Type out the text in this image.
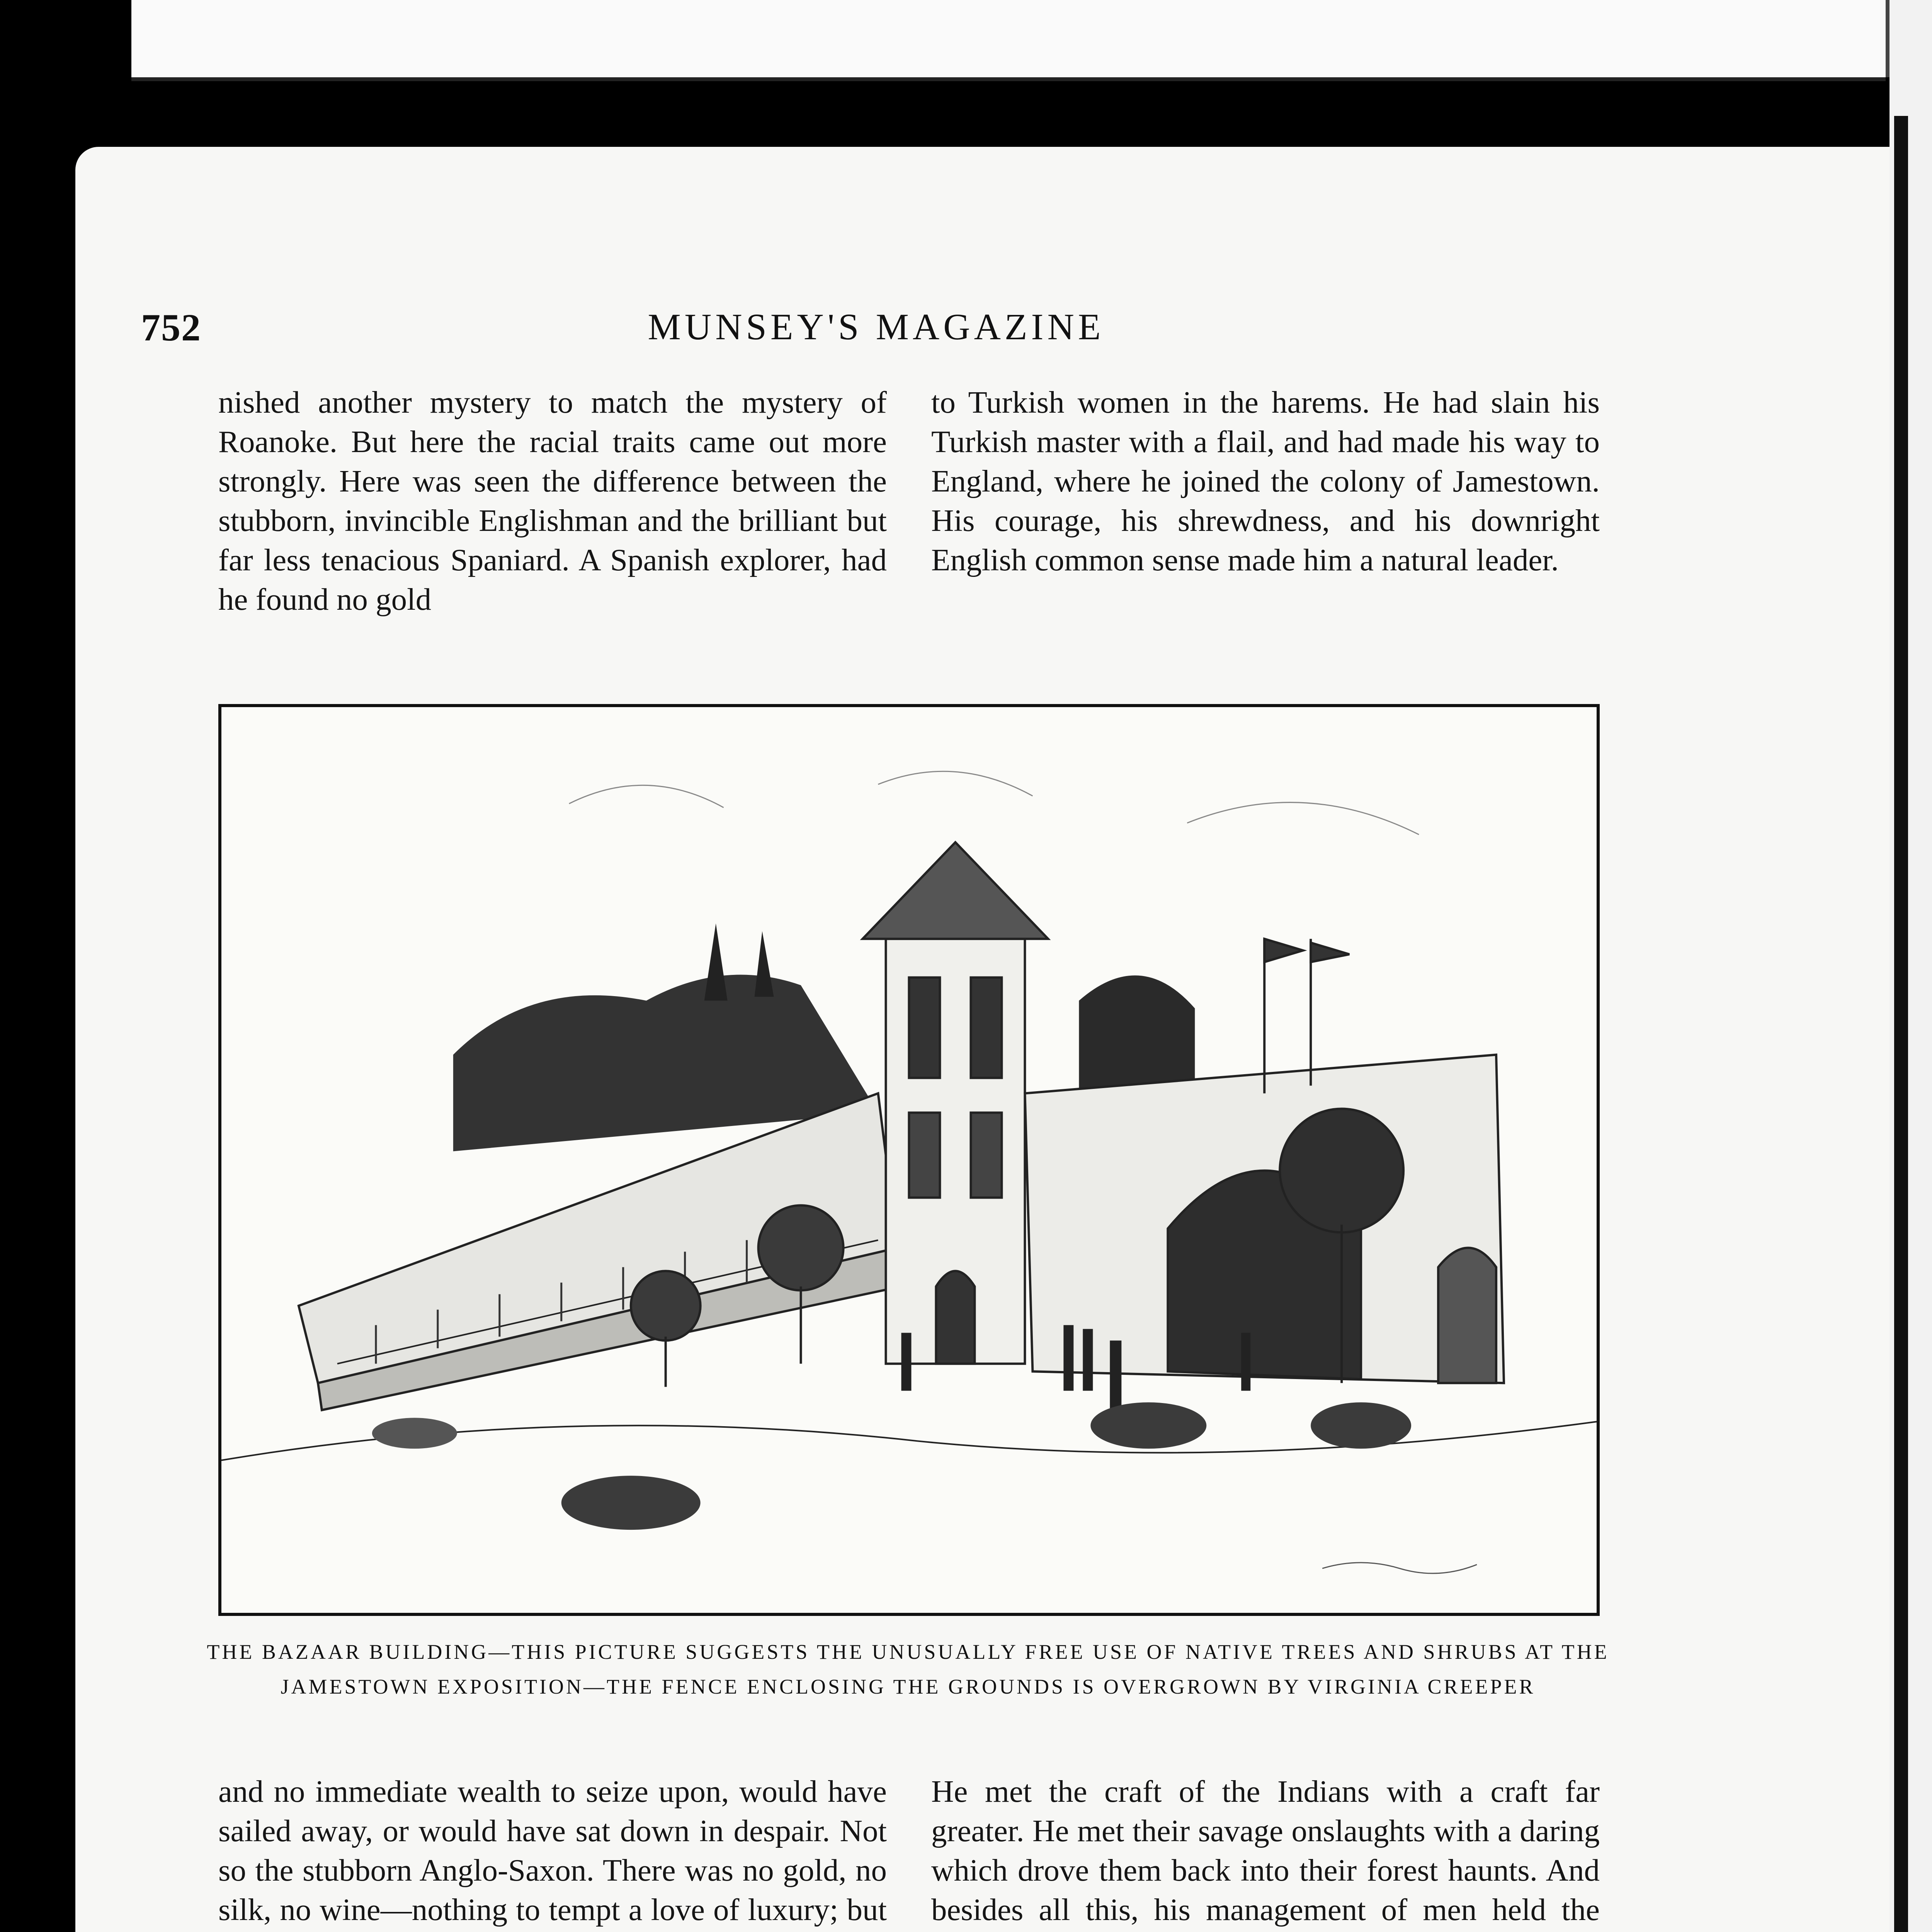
MUNSEY'S MAGAZINE
752

nished another mystery to match the mystery of Roanoke. But here the racial traits came out more strongly. Here was seen the difference between the stubborn, invincible Englishman and the brilliant but far less tenacious Spaniard. A Spanish explorer, had he found no gold

to Turkish women in the harems. He had slain his Turkish master with a flail, and had made his way to England, where he joined the colony of Jamestown. His courage, his shrewdness, and his downright English common sense made him a natural leader.

THE BAZAAR BUILDING—THIS PICTURE SUGGESTS THE UNUSUALLY FREE USE OF NATIVE TREES AND SHRUBS AT THE JAMESTOWN EXPOSITION—THE FENCE ENCLOSING THE GROUNDS IS OVERGROWN BY VIRGINIA CREEPER

and no immediate wealth to seize upon, would have sailed away, or would have sat down in despair. Not so the stubborn Anglo-Saxon. There was no gold, no silk, no wine—nothing to tempt a love of luxury; but

He met the craft of the Indians with a craft far greater. He met their savage onslaughts with a daring which drove them back into their forest haunts. And besides all this, his management of men held the
